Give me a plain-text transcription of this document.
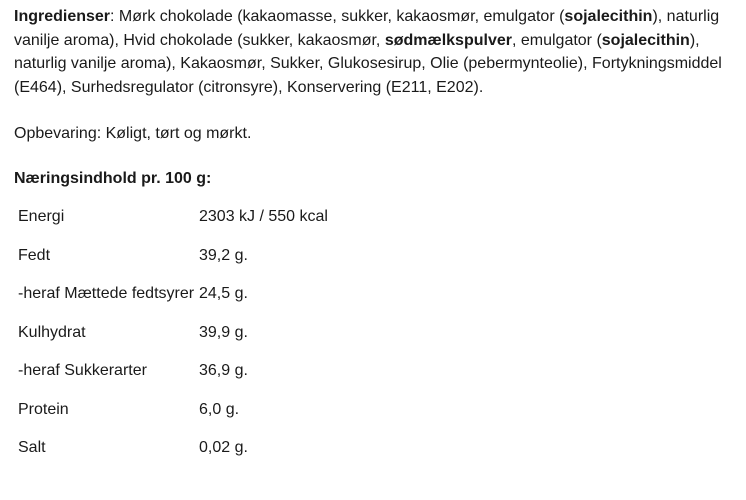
Ingredienser: Mørk chokolade (kakaomasse, sukker, kakaosmør, emulgator (sojalecithin), naturlig vanilje aroma), Hvid chokolade (sukker, kakaosmør, sødmælkspulver, emulgator (sojalecithin), naturlig vanilje aroma), Kakaosmør, Sukker, Glukosesirup, Olie (pebermynteolie), Fortykningsmiddel (E464), Surhedsregulator (citronsyre), Konservering (E211, E202).

Opbevaring: Køligt, tørt og mørkt.

Næringsindhold pr. 100 g:

Energi	2303 kJ / 550 kcal
Fedt	39,2 g.
-heraf Mættede fedtsyrer 24,5 g.
Kulhydrat	39,9 g.
-heraf Sukkerarter	36,9 g.
Protein	6,0 g.
Salt	0,02 g.
